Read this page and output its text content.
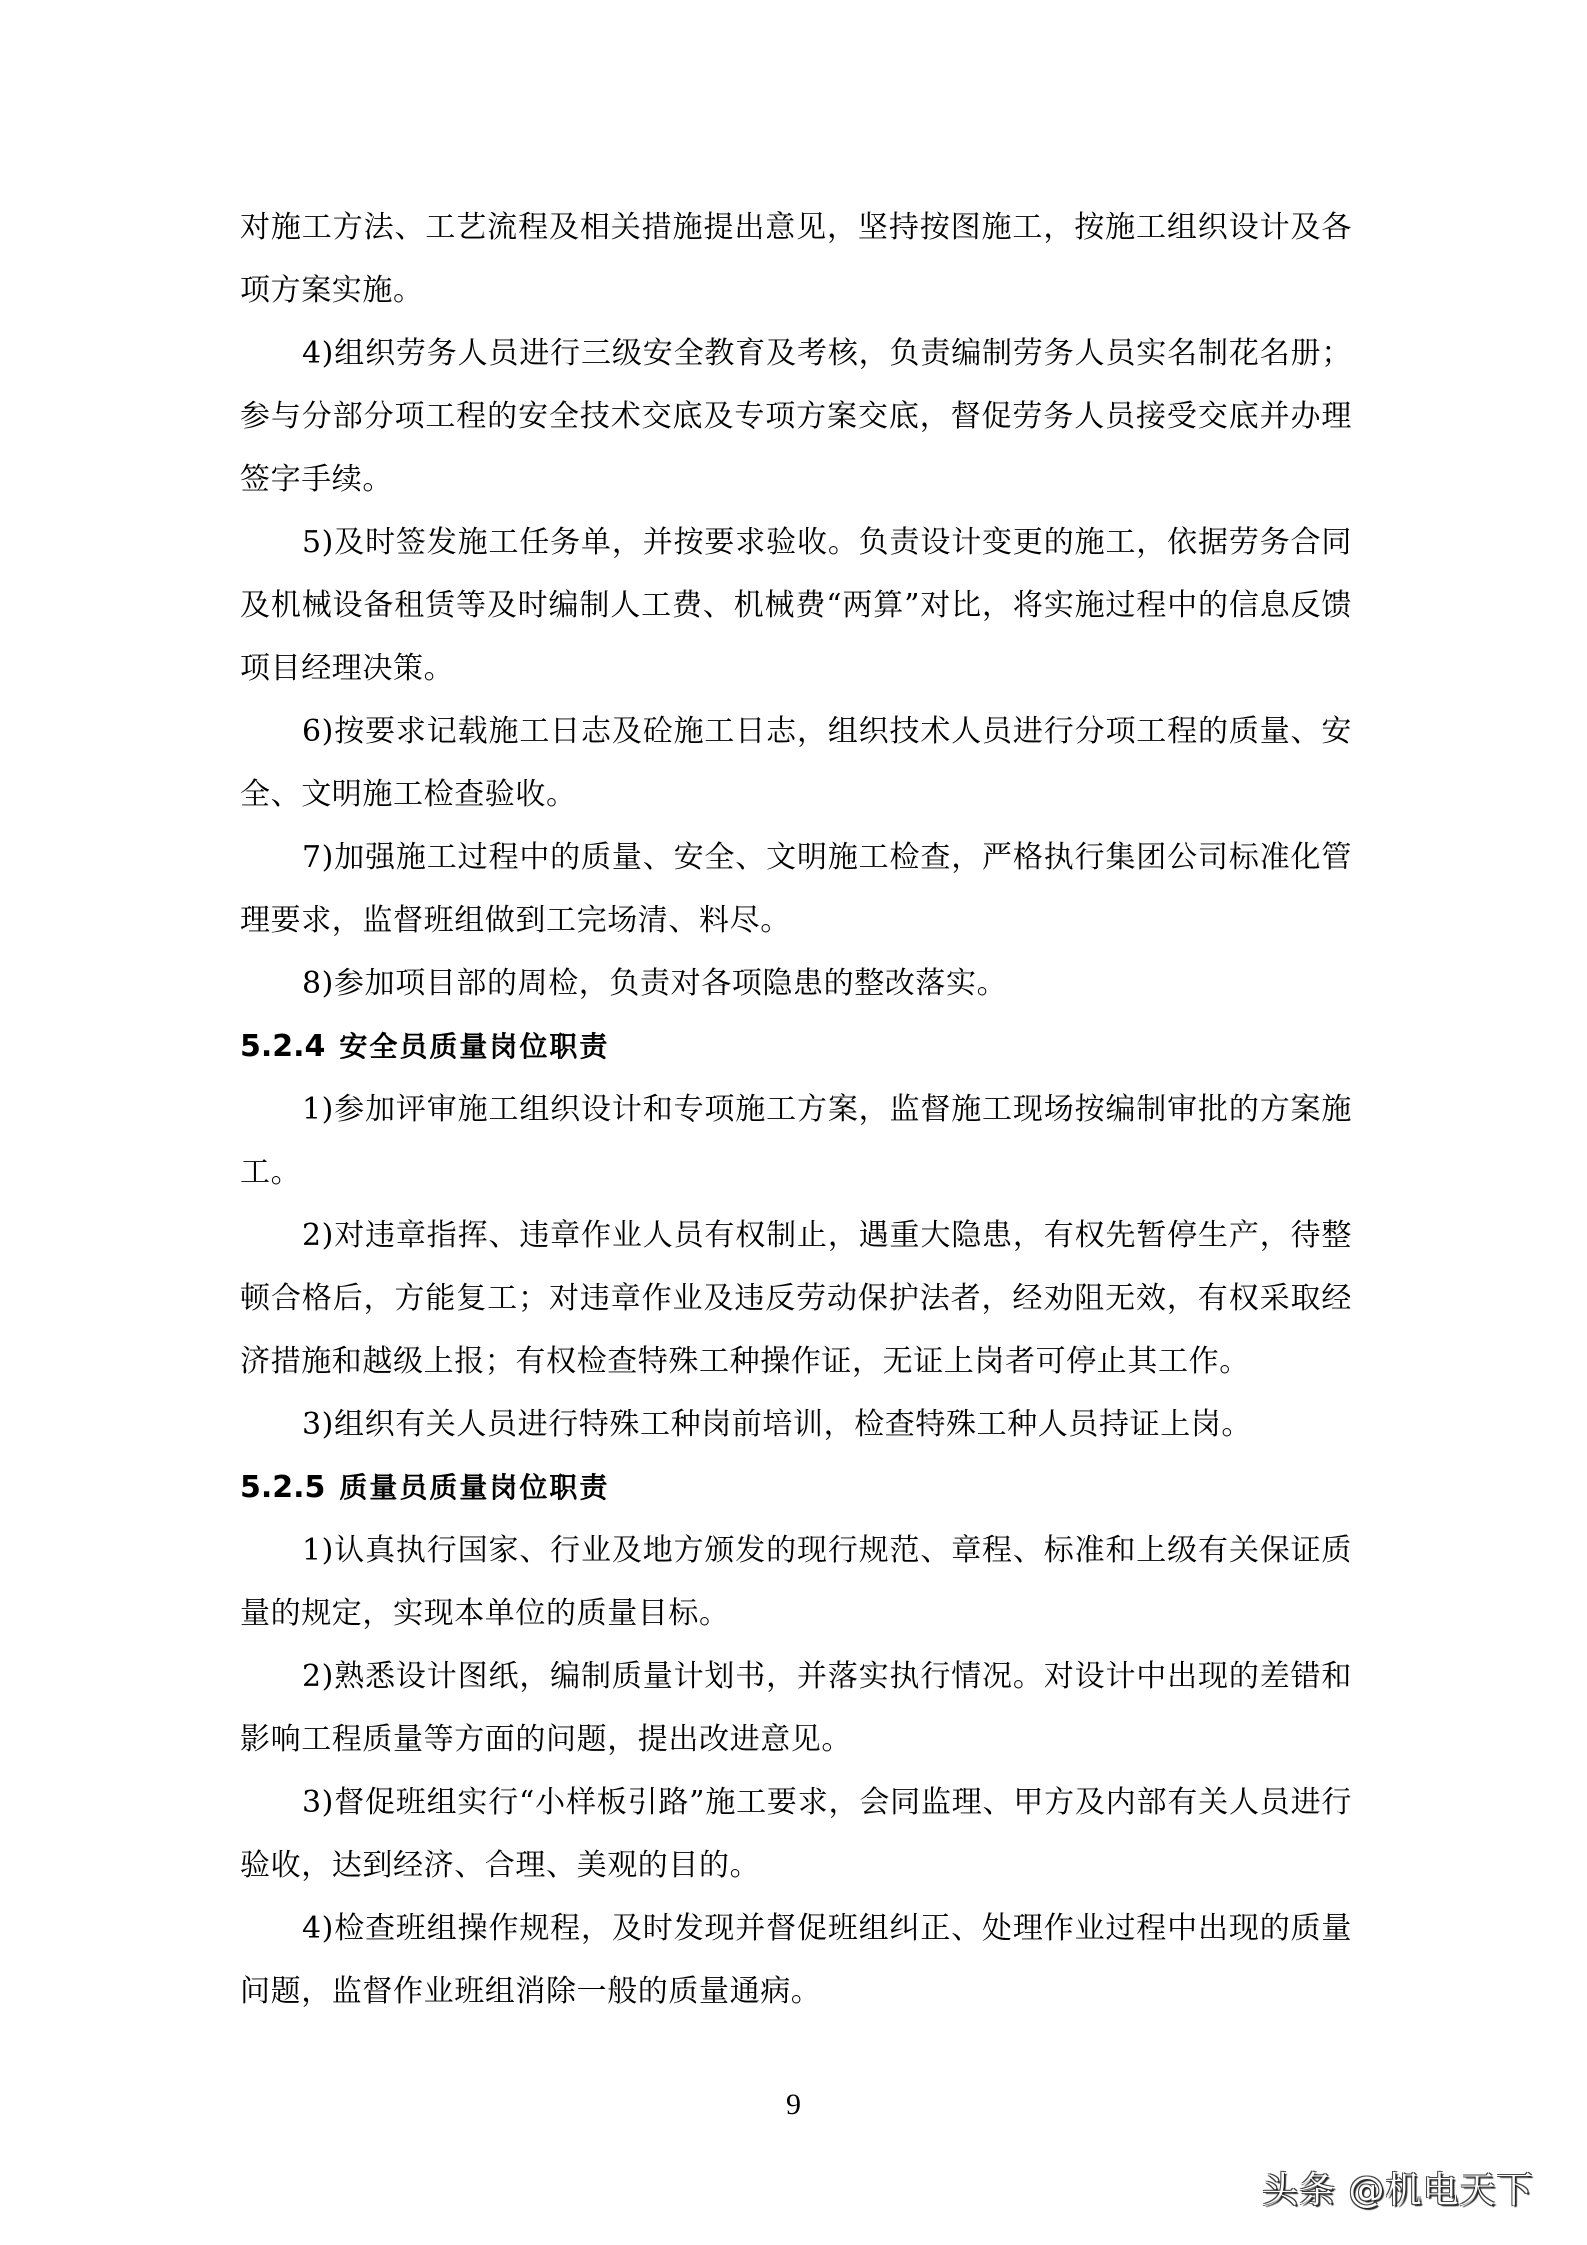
对施工方法、工艺流程及相关措施提出意见，坚持按图施工，按施工组织设计及各项方案实施。

4)组织劳务人员进行三级安全教育及考核，负责编制劳务人员实名制花名册；参与分部分项工程的安全技术交底及专项方案交底，督促劳务人员接受交底并办理签字手续。

5)及时签发施工任务单，并按要求验收。负责设计变更的施工，依据劳务合同及机械设备租赁等及时编制人工费、机械费“两算”对比，将实施过程中的信息反馈项目经理决策。

6)按要求记载施工日志及砼施工日志，组织技术人员进行分项工程的质量、安全、文明施工检查验收。

7)加强施工过程中的质量、安全、文明施工检查，严格执行集团公司标准化管理要求，监督班组做到工完场清、料尽。

8)参加项目部的周检，负责对各项隐患的整改落实。

5.2.4 安全员质量岗位职责

1)参加评审施工组织设计和专项施工方案，监督施工现场按编制审批的方案施工。

2)对违章指挥、违章作业人员有权制止，遇重大隐患，有权先暂停生产，待整顿合格后，方能复工；对违章作业及违反劳动保护法者，经劝阻无效，有权采取经济措施和越级上报；有权检查特殊工种操作证，无证上岗者可停止其工作。

3)组织有关人员进行特殊工种岗前培训，检查特殊工种人员持证上岗。

5.2.5 质量员质量岗位职责

1)认真执行国家、行业及地方颁发的现行规范、章程、标准和上级有关保证质量的规定，实现本单位的质量目标。

2)熟悉设计图纸，编制质量计划书，并落实执行情况。对设计中出现的差错和影响工程质量等方面的问题，提出改进意见。

3)督促班组实行“小样板引路”施工要求，会同监理、甲方及内部有关人员进行验收，达到经济、合理、美观的目的。

4)检查班组操作规程，及时发现并督促班组纠正、处理作业过程中出现的质量问题，监督作业班组消除一般的质量通病。

9
头条 @机电天下
